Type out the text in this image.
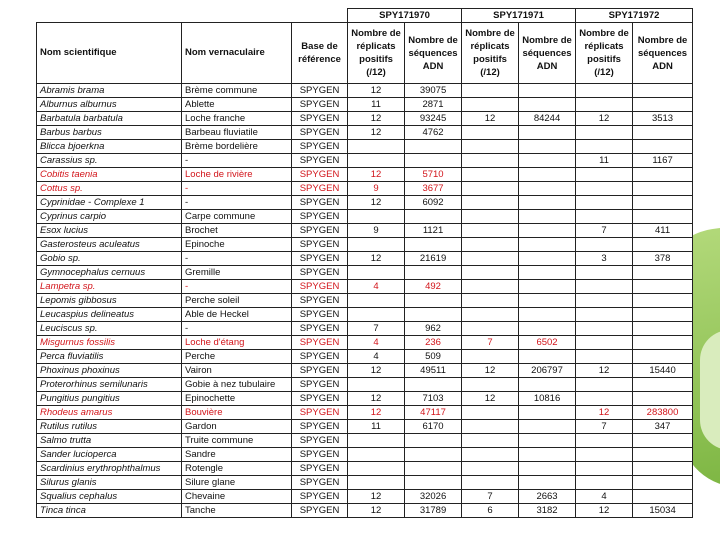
			SPY171970		SPY171971		SPY171972	
Nom scientifique	Nom vernaculaire	Base de référence	Nombre de réplicats positifs (/12)	Nombre de séquences ADN	Nombre de réplicats positifs (/12)	Nombre de séquences ADN	Nombre de réplicats positifs (/12)	Nombre de séquences ADN
Abramis brama	Brème commune	SPYGEN	12	39075				
Alburnus alburnus	Ablette	SPYGEN	11	2871				
Barbatula barbatula	Loche franche	SPYGEN	12	93245	12	84244	12	3513
Barbus barbus	Barbeau fluviatile	SPYGEN	12	4762				
Blicca bjoerkna	Brème bordelière	SPYGEN						
Carassius sp.	-	SPYGEN					11	1167
Cobitis taenia	Loche de rivière	SPYGEN	12	5710				
Cottus sp.	-	SPYGEN	9	3677				
Cyprinidae - Complexe 1	-	SPYGEN	12	6092				
Cyprinus carpio	Carpe commune	SPYGEN						
Esox lucius	Brochet	SPYGEN	9	1121			7	411
Gasterosteus aculeatus	Epinoche	SPYGEN						
Gobio sp.	-	SPYGEN	12	21619			3	378
Gymnocephalus cernuus	Gremille	SPYGEN						
Lampetra sp.	-	SPYGEN	4	492				
Lepomis gibbosus	Perche soleil	SPYGEN						
Leucaspius delineatus	Able de Heckel	SPYGEN						
Leuciscus sp.	-	SPYGEN	7	962				
Misgurnus fossilis	Loche d'étang	SPYGEN	4	236	7	6502		
Perca fluviatilis	Perche	SPYGEN	4	509				
Phoxinus phoxinus	Vairon	SPYGEN	12	49511	12	206797	12	15440
Proterorhinus semilunaris	Gobie à nez tubulaire	SPYGEN						
Pungitius pungitius	Epinochette	SPYGEN	12	7103	12	10816		
Rhodeus amarus	Bouvière	SPYGEN	12	47117			12	283800
Rutilus rutilus	Gardon	SPYGEN	11	6170			7	347
Salmo trutta	Truite commune	SPYGEN						
Sander lucioperca	Sandre	SPYGEN						
Scardinius erythrophthalmus	Rotengle	SPYGEN						
Silurus glanis	Silure glane	SPYGEN						
Squalius cephalus	Chevaine	SPYGEN	12	32026	7	2663	4	
Tinca tinca	Tanche	SPYGEN	12	31789	6	3182	12	15034
